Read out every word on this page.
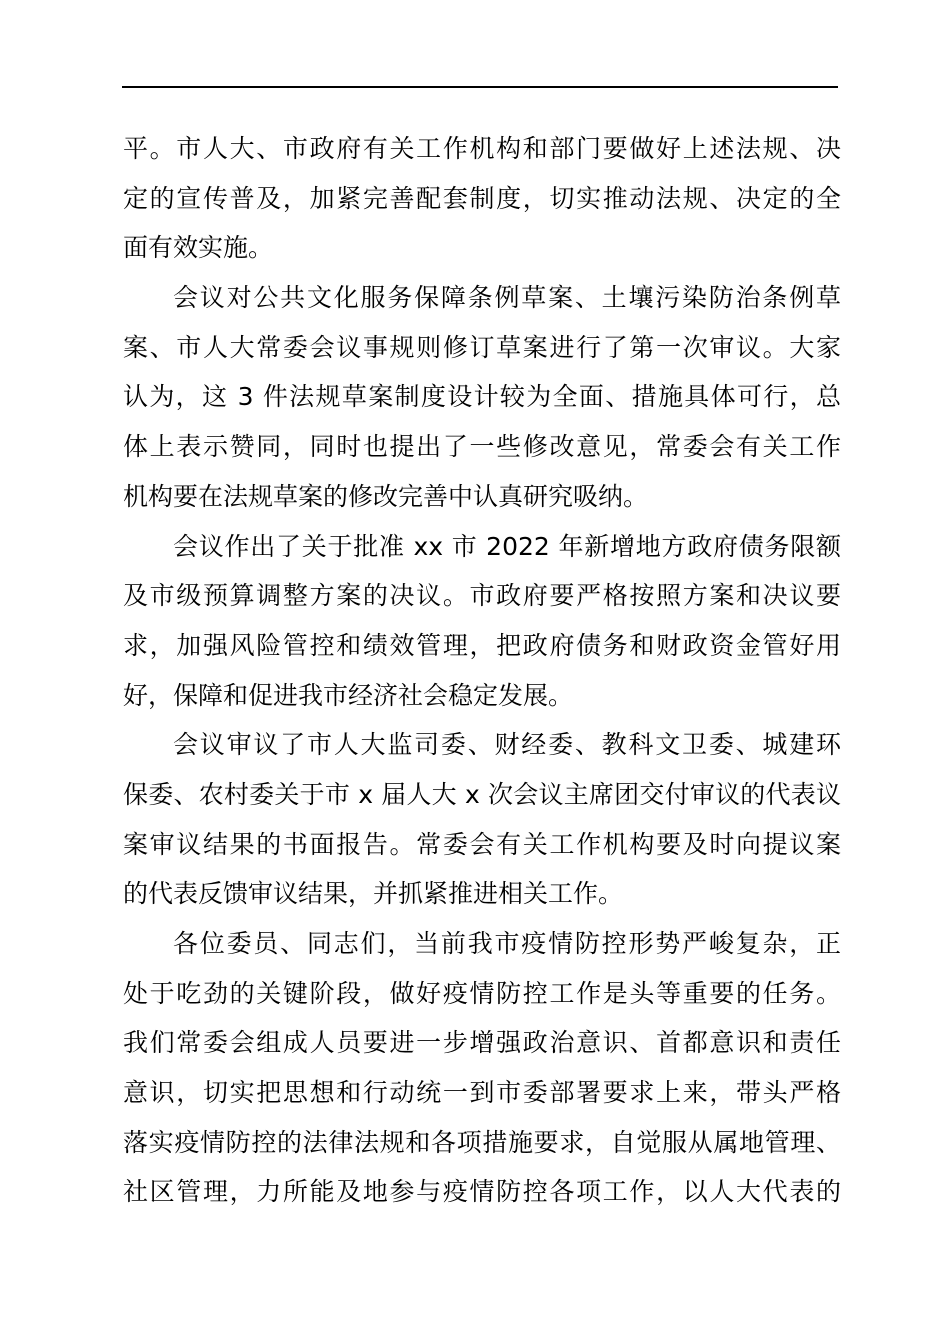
平。市人大、市政府有关工作机构和部门要做好上述法规、决
定的宣传普及，加紧完善配套制度，切实推动法规、决定的全
面有效实施。
会议对公共文化服务保障条例草案、土壤污染防治条例草
案、市人大常委会议事规则修订草案进行了第一次审议。大家
认为，这 3 件法规草案制度设计较为全面、措施具体可行，总
体上表示赞同，同时也提出了一些修改意见，常委会有关工作
机构要在法规草案的修改完善中认真研究吸纳。
会议作出了关于批准 xx 市 2022 年新增地方政府债务限额
及市级预算调整方案的决议。市政府要严格按照方案和决议要
求，加强风险管控和绩效管理，把政府债务和财政资金管好用
好，保障和促进我市经济社会稳定发展。
会议审议了市人大监司委、财经委、教科文卫委、城建环
保委、农村委关于市 x 届人大 x 次会议主席团交付审议的代表议
案审议结果的书面报告。常委会有关工作机构要及时向提议案
的代表反馈审议结果，并抓紧推进相关工作。
各位委员、同志们，当前我市疫情防控形势严峻复杂，正
处于吃劲的关键阶段，做好疫情防控工作是头等重要的任务。
我们常委会组成人员要进一步增强政治意识、首都意识和责任
意识，切实把思想和行动统一到市委部署要求上来，带头严格
落实疫情防控的法律法规和各项措施要求，自觉服从属地管理、
社区管理，力所能及地参与疫情防控各项工作，以人大代表的
